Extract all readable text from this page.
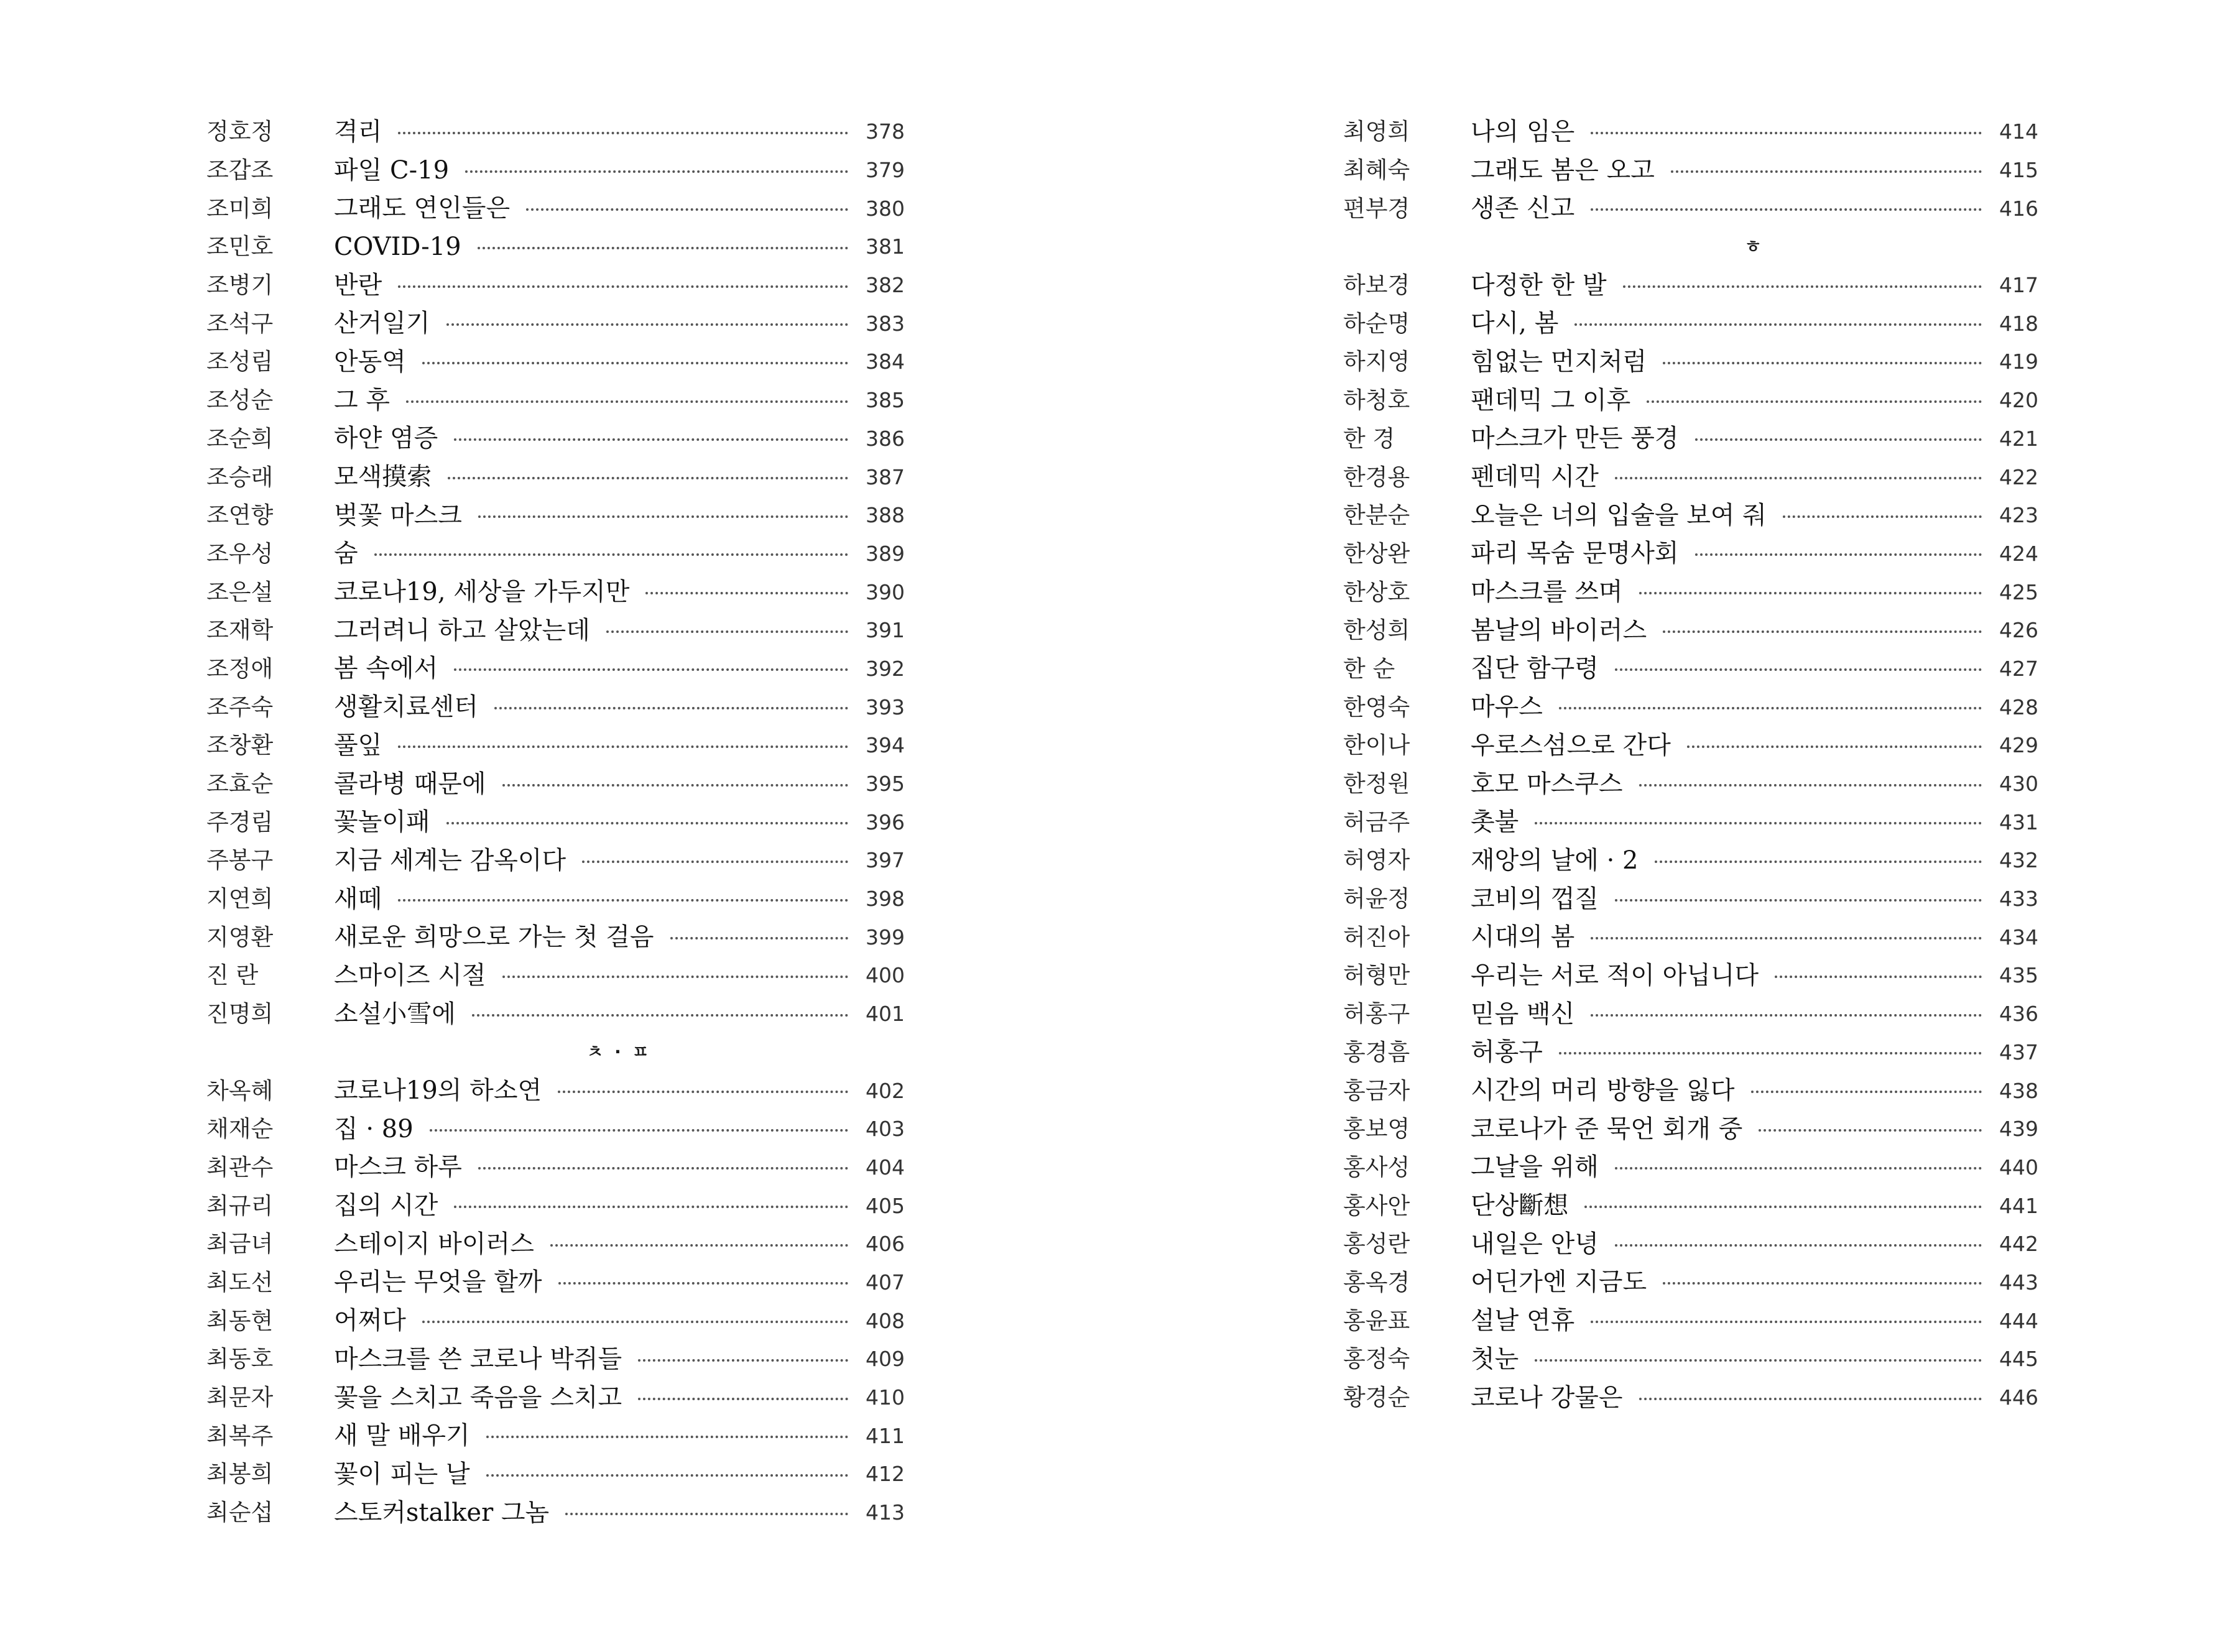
정호정	격리	378
조갑조	파일 C-19	379
조미희	그래도 연인들은	380
조민호	COVID-19	381
조병기	반란	382
조석구	산거일기	383
조성림	안동역	384
조성순	그 후	385
조순희	하얀 염증	386
조승래	모색摸索	387
조연향	벚꽃 마스크	388
조우성	숨	389
조은설	코로나19, 세상을 가두지만	390
조재학	그러려니 하고 살았는데	391
조정애	봄 속에서	392
조주숙	생활치료센터	393
조창환	풀잎	394
조효순	콜라병 때문에	395
주경림	꽃놀이패	396
주봉구	지금 세계는 감옥이다	397
지연희	새떼	398
지영환	새로운 희망으로 가는 첫 걸음	399
진 란	스마이즈 시절	400
진명희	소설小雪에	401
ㅊ · ㅍ
차옥혜	코로나19의 하소연	402
채재순	집 · 89	403
최관수	마스크 하루	404
최규리	집의 시간	405
최금녀	스테이지 바이러스	406
최도선	우리는 무엇을 할까	407
최동현	어쩌다	408
최동호	마스크를 쓴 코로나 박쥐들	409
최문자	꽃을 스치고 죽음을 스치고	410
최복주	새 말 배우기	411
최봉희	꽃이 피는 날	412
최순섭	스토커stalker 그놈	413
최영희	나의 임은	414
최혜숙	그래도 봄은 오고	415
편부경	생존 신고	416
ㅎ
하보경	다정한 한 발	417
하순명	다시, 봄	418
하지영	힘없는 먼지처럼	419
하청호	팬데믹 그 이후	420
한 경	마스크가 만든 풍경	421
한경용	펜데믹 시간	422
한분순	오늘은 너의 입술을 보여 줘	423
한상완	파리 목숨 문명사회	424
한상호	마스크를 쓰며	425
한성희	봄날의 바이러스	426
한 순	집단 함구령	427
한영숙	마우스	428
한이나	우로스섬으로 간다	429
한정원	호모 마스쿠스	430
허금주	촛불	431
허영자	재앙의 날에 · 2	432
허윤정	코비의 껍질	433
허진아	시대의 봄	434
허형만	우리는 서로 적이 아닙니다	435
허홍구	믿음 백신	436
홍경흠	허홍구	437
홍금자	시간의 머리 방향을 잃다	438
홍보영	코로나가 준 묵언 회개 중	439
홍사성	그날을 위해	440
홍사안	단상斷想	441
홍성란	내일은 안녕	442
홍옥경	어딘가엔 지금도	443
홍윤표	설날 연휴	444
홍정숙	첫눈	445
황경순	코로나 강물은	446
